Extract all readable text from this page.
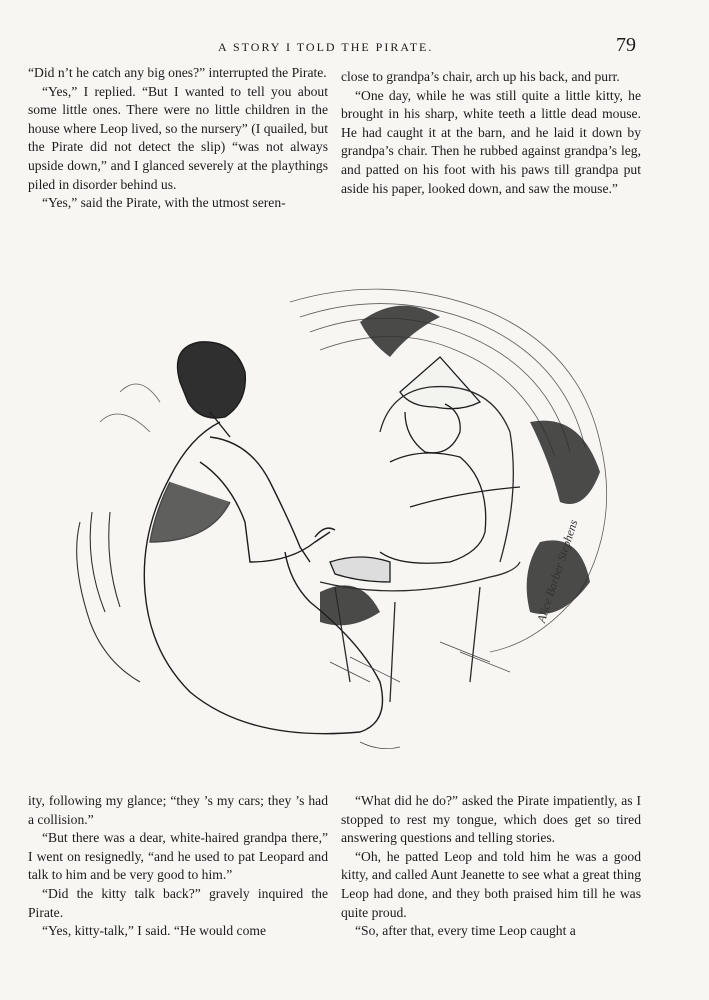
A STORY I TOLD THE PIRATE.	79

“Did n’t he catch any big ones?” interrupted the Pirate.

“Yes,” I replied. “But I wanted to tell you about some little ones. There were no little children in the house where Leop lived, so the nursery” (I quailed, but the Pirate did not detect the slip) “was not always upside down,” and I glanced severely at the playthings piled in disorder behind us.

“Yes,” said the Pirate, with the utmost seren-

close to grandpa’s chair, arch up his back, and purr.

“One day, while he was still quite a little kitty, he brought in his sharp, white teeth a little dead mouse. He had caught it at the barn, and he laid it down by grandpa’s chair. Then he rubbed against grandpa’s leg, and patted on his foot with his paws till grandpa put aside his paper, looked down, and saw the mouse.”

ity, following my glance; “they ’s my cars; they ’s had a collision.”

“But there was a dear, white-haired grandpa there,” I went on resignedly, “and he used to pat Leopard and talk to him and be very good to him.”

“Did the kitty talk back?” gravely inquired the Pirate.

“Yes, kitty-talk,” I said. “He would come

“What did he do?” asked the Pirate impatiently, as I stopped to rest my tongue, which does get so tired answering questions and telling stories.

“Oh, he patted Leop and told him he was a good kitty, and called Aunt Jeanette to see what a great thing Leop had done, and they both praised him till he was quite proud.

“So, after that, every time Leop caught a

Alice Barber Stephens
